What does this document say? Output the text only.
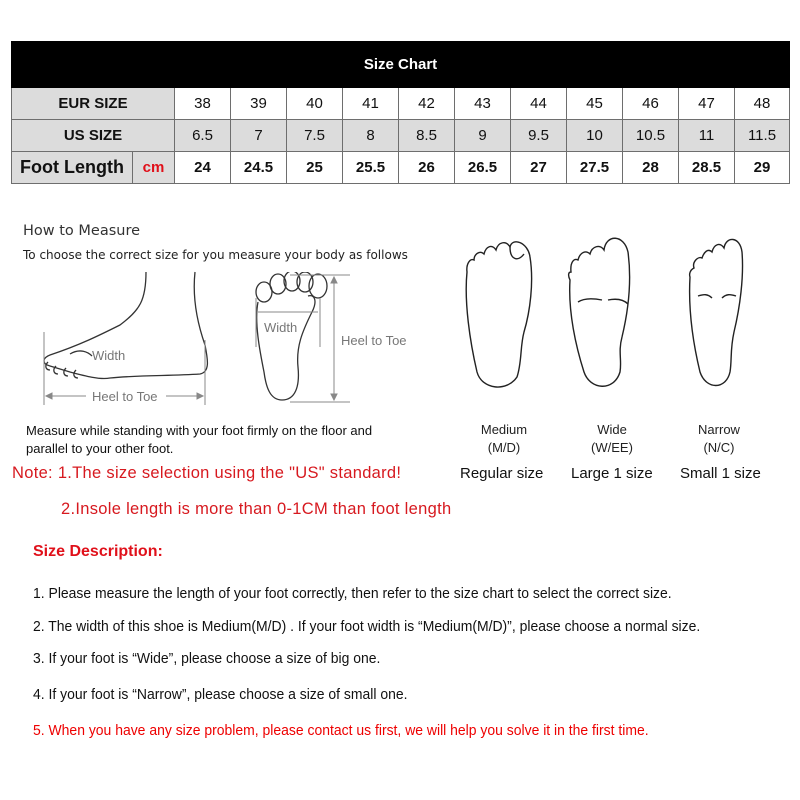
Size Chart												
EUR SIZE		38	39	40	41	42	43	44	45	46	47	48
US SIZE		6.5	7	7.5	8	8.5	9	9.5	10	10.5	11	11.5
Foot Length	cm	24	24.5	25	25.5	26	26.5	27	27.5	28	28.5	29
How to Measure
To choose the correct size for you measure your body as follows
Width
Heel to Toe
Width
Heel to Toe
Measure while standing with your foot firmly on the floor and
parallel to your other foot.
Medium
(M/D)
Wide
(W/EE)
Narrow
(N/C)
Regular size Large 1 size Small 1 size
Note: 1.The size selection using the "US" standard!
2.Insole length is more than 0-1CM than foot length
Size Description:
1. Please measure the length of your foot correctly, then refer to the size chart to select the correct size.
2. The width of this shoe is Medium(M/D) . If your foot width is “Medium(M/D)”, please choose a normal size.
3. If your foot is “Wide”, please choose a size of big one.
4. If your foot is “Narrow”, please choose a size of small one.
5. When you have any size problem, please contact us first, we will help you solve it in the first time.
